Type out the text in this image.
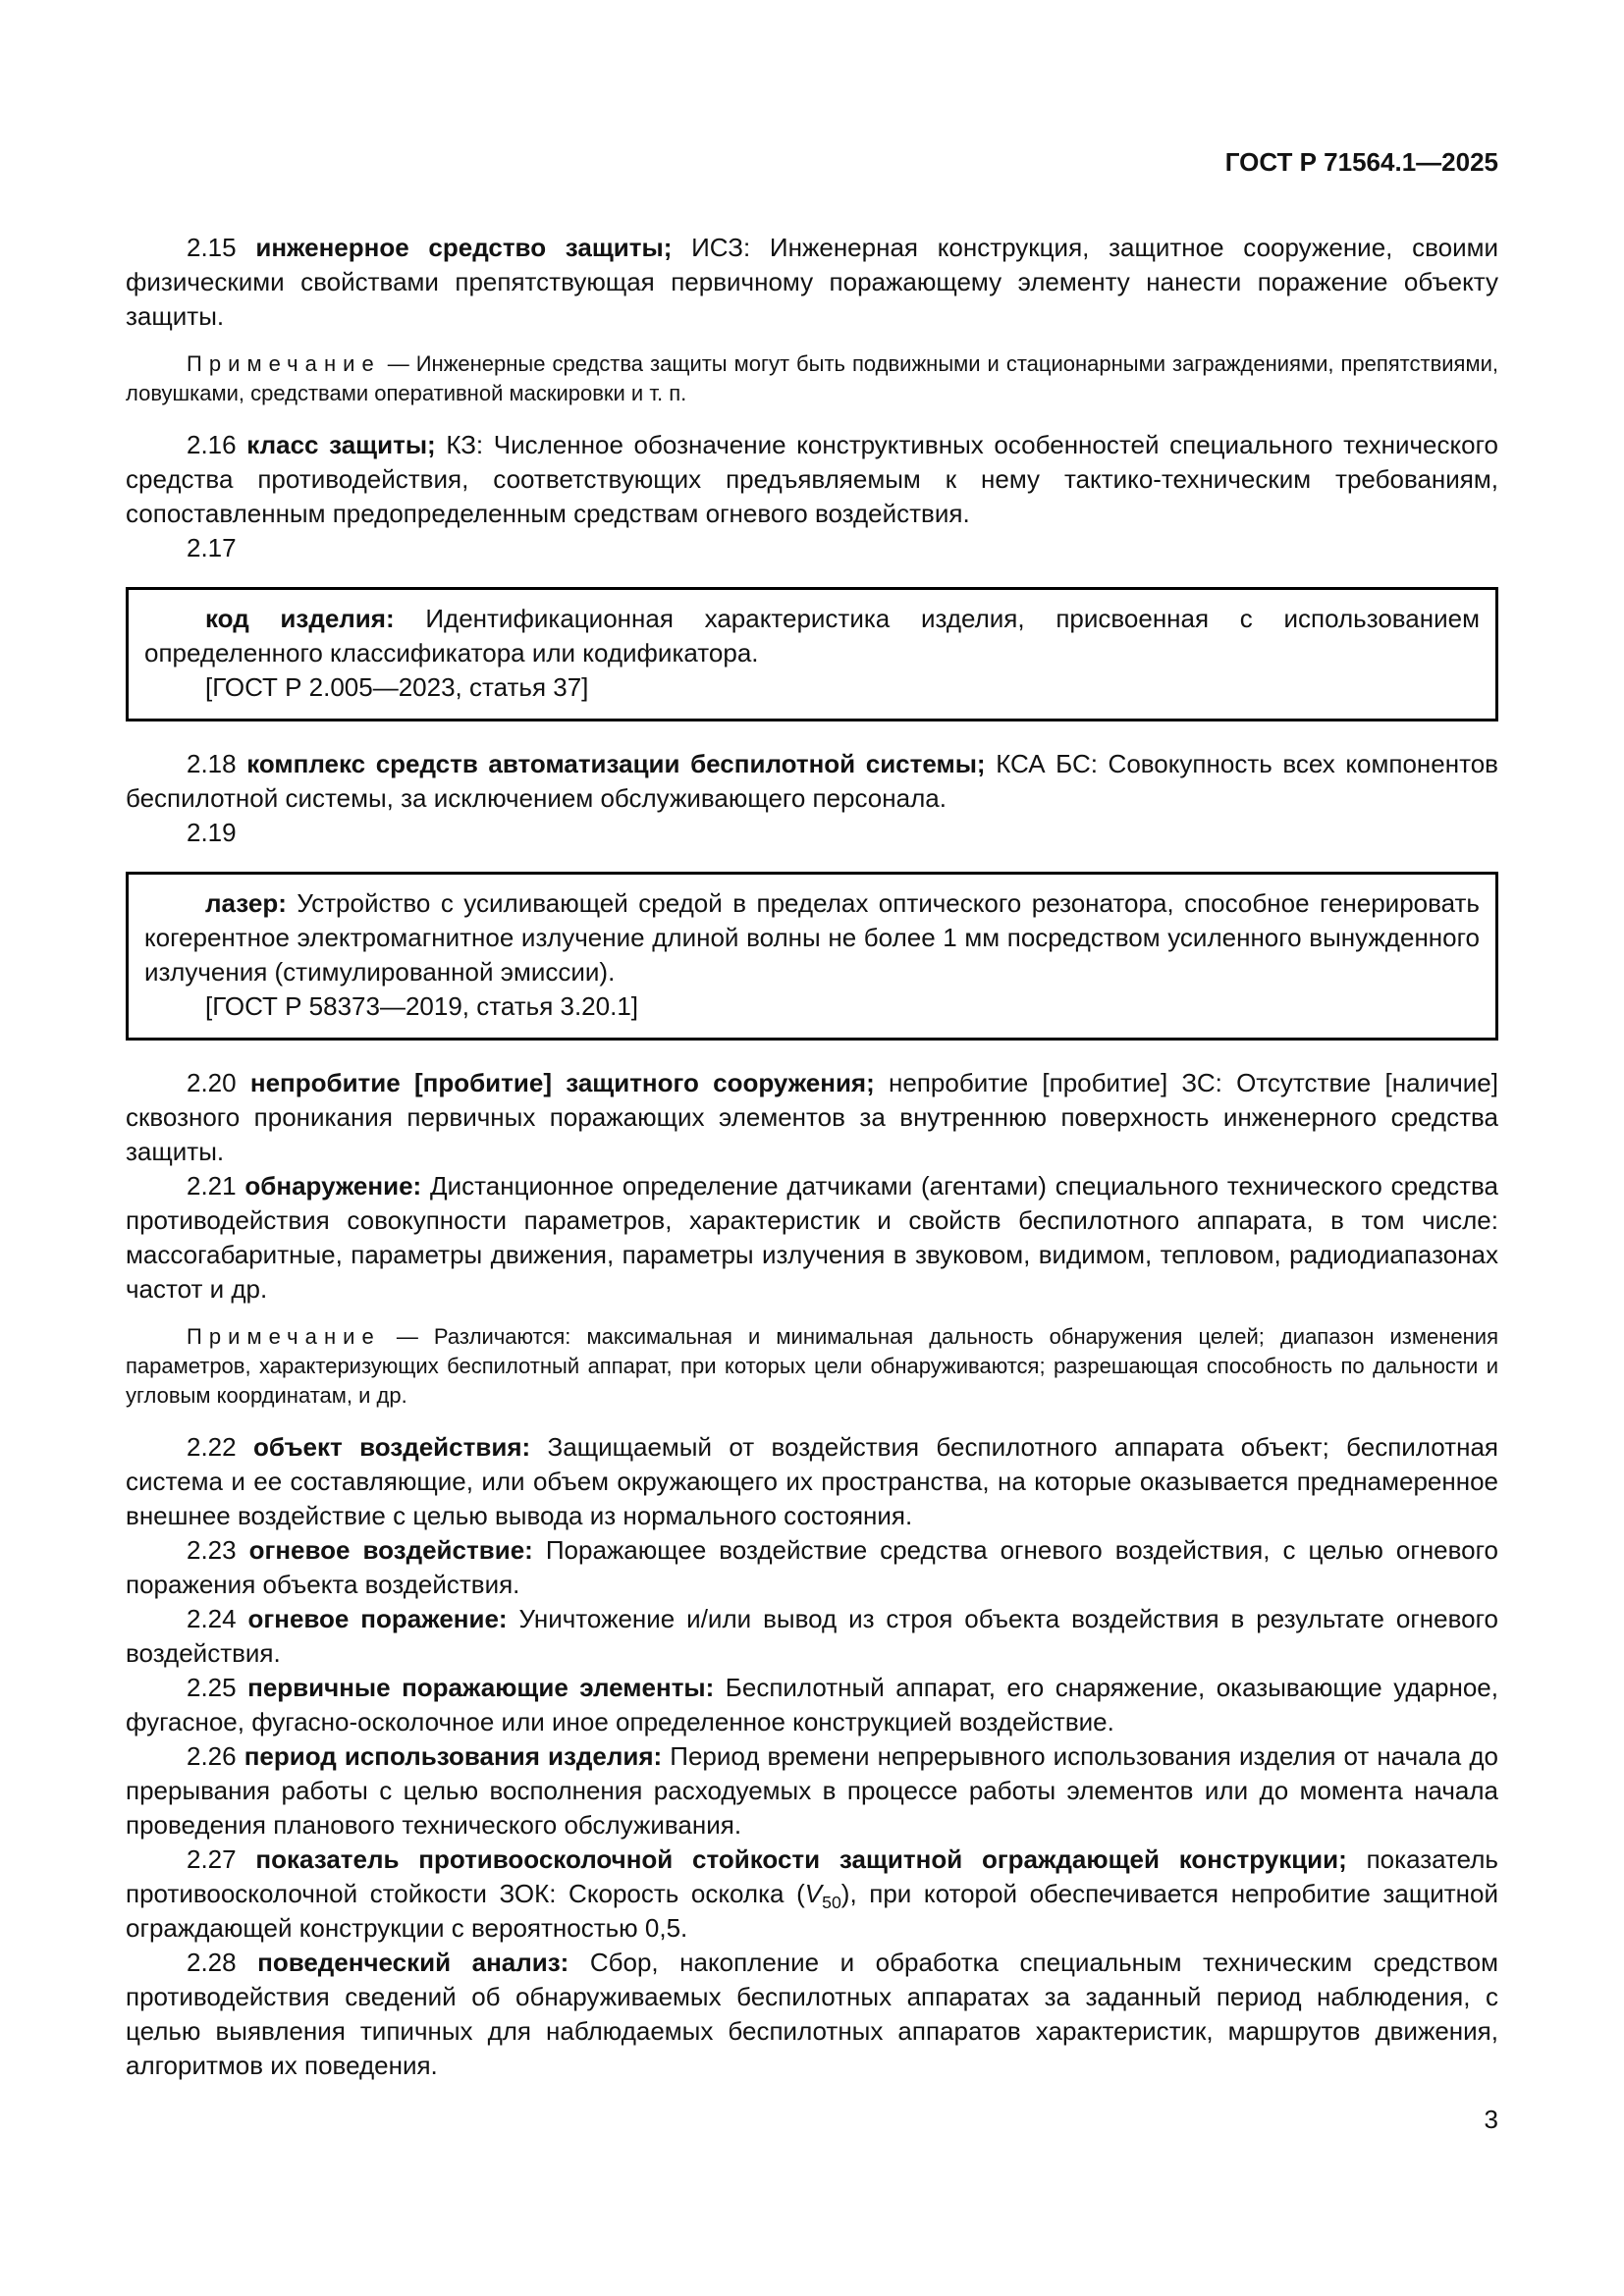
ГОСТ Р 71564.1—2025

2.15 инженерное средство защиты; ИСЗ: Инженерная конструкция, защитное сооружение, своими физическими свойствами препятствующая первичному поражающему элементу нанести поражение объекту защиты.

Примечание — Инженерные средства защиты могут быть подвижными и стационарными заграждениями, препятствиями, ловушками, средствами оперативной маскировки и т. п.

2.16 класс защиты; КЗ: Численное обозначение конструктивных особенностей специального технического средства противодействия, соответствующих предъявляемым к нему тактико-техническим требованиям, сопоставленным предопределенным средствам огневого воздействия.

2.17

код изделия: Идентификационная характеристика изделия, присвоенная с использованием определенного классификатора или кодификатора.

[ГОСТ Р 2.005—2023, статья 37]

2.18 комплекс средств автоматизации беспилотной системы; КСА БС: Совокупность всех компонентов беспилотной системы, за исключением обслуживающего персонала.

2.19

лазер: Устройство с усиливающей средой в пределах оптического резонатора, способное генерировать когерентное электромагнитное излучение длиной волны не более 1 мм посредством усиленного вынужденного излучения (стимулированной эмиссии).

[ГОСТ Р 58373—2019, статья 3.20.1]

2.20 непробитие [пробитие] защитного сооружения; непробитие [пробитие] ЗС: Отсутствие [наличие] сквозного проникания первичных поражающих элементов за внутреннюю поверхность инженерного средства защиты.

2.21 обнаружение: Дистанционное определение датчиками (агентами) специального технического средства противодействия совокупности параметров, характеристик и свойств беспилотного аппарата, в том числе: массогабаритные, параметры движения, параметры излучения в звуковом, видимом, тепловом, радиодиапазонах частот и др.

Примечание — Различаются: максимальная и минимальная дальность обнаружения целей; диапазон изменения параметров, характеризующих беспилотный аппарат, при которых цели обнаруживаются; разрешающая способность по дальности и угловым координатам, и др.

2.22 объект воздействия: Защищаемый от воздействия беспилотного аппарата объект; беспилотная система и ее составляющие, или объем окружающего их пространства, на которые оказывается преднамеренное внешнее воздействие с целью вывода из нормального состояния.

2.23 огневое воздействие: Поражающее воздействие средства огневого воздействия, с целью огневого поражения объекта воздействия.

2.24 огневое поражение: Уничтожение и/или вывод из строя объекта воздействия в результате огневого воздействия.

2.25 первичные поражающие элементы: Беспилотный аппарат, его снаряжение, оказывающие ударное, фугасное, фугасно-осколочное или иное определенное конструкцией воздействие.

2.26 период использования изделия: Период времени непрерывного использования изделия от начала до прерывания работы с целью восполнения расходуемых в процессе работы элементов или до момента начала проведения планового технического обслуживания.

2.27 показатель противоосколочной стойкости защитной ограждающей конструкции; показатель противоосколочной стойкости ЗОК: Скорость осколка $(V_{50})$, при которой обеспечивается непробитие защитной ограждающей конструкции с вероятностью 0,5.

2.28 поведенческий анализ: Сбор, накопление и обработка специальным техническим средством противодействия сведений об обнаруживаемых беспилотных аппаратах за заданный период наблюдения, с целью выявления типичных для наблюдаемых беспилотных аппаратов характеристик, маршрутов движения, алгоритмов их поведения.

3
